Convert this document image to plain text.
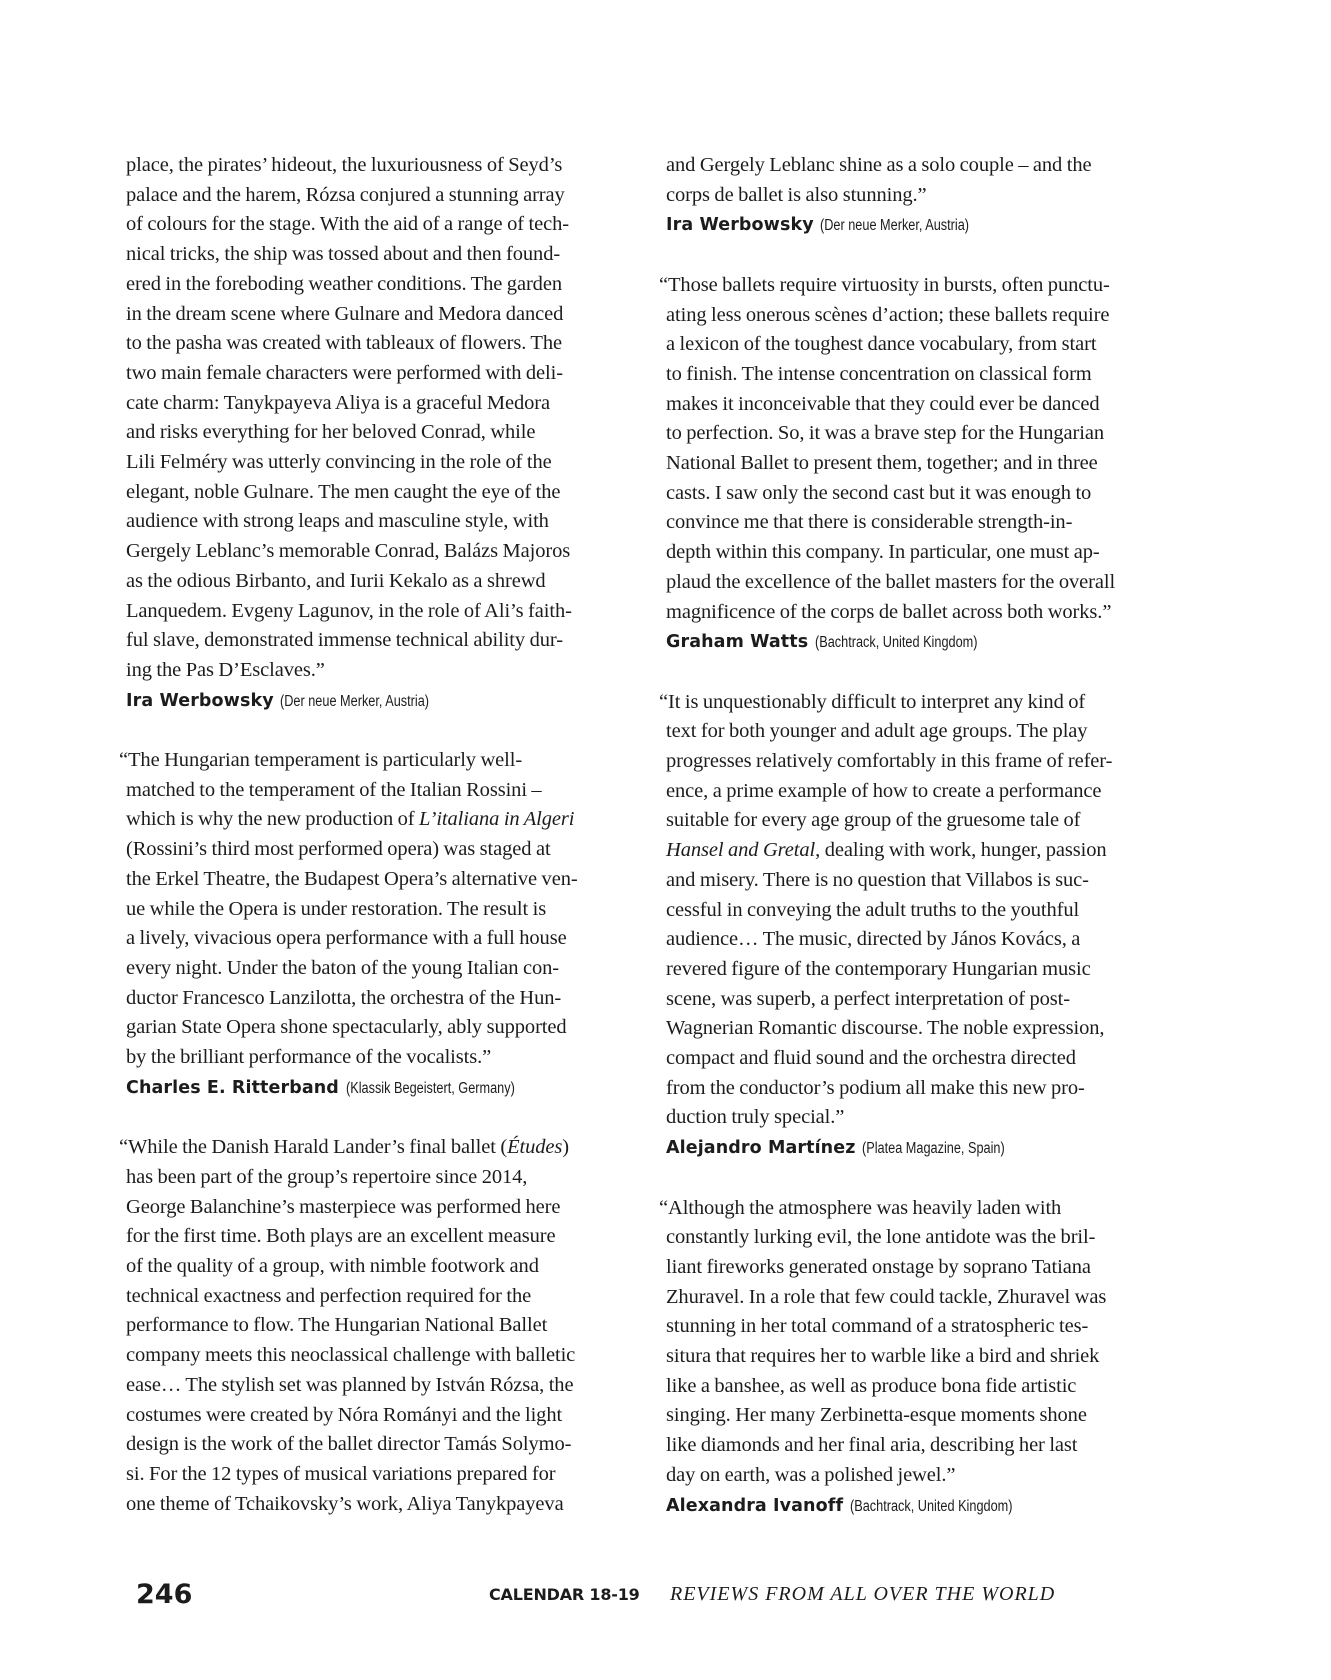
place, the pirates’ hideout, the luxuriousness of Seyd’s
palace and the harem, Rózsa conjured a stunning array
of colours for the stage. With the aid of a range of tech-
nical tricks, the ship was tossed about and then found-
ered in the foreboding weather conditions. The garden
in the dream scene where Gulnare and Medora danced
to the pasha was created with tableaux of flowers. The
two main female characters were performed with deli-
cate charm: Tanykpayeva Aliya is a graceful Medora
and risks everything for her beloved Conrad, while
Lili Felméry was utterly convincing in the role of the
elegant, noble Gulnare. The men caught the eye of the
audience with strong leaps and masculine style, with
Gergely Leblanc’s memorable Conrad, Balázs Majoros
as the odious Birbanto, and Iurii Kekalo as a shrewd
Lanquedem. Evgeny Lagunov, in the role of Ali’s faith-
ful slave, demonstrated immense technical ability dur-
ing the Pas D’Esclaves.”

Ira Werbowsky (Der neue Merker, Austria)

“The Hungarian temperament is particularly well-
matched to the temperament of the Italian Rossini –
which is why the new production of L’italiana in Algeri
(Rossini’s third most performed opera) was staged at
the Erkel Theatre, the Budapest Opera’s alternative ven-
ue while the Opera is under restoration. The result is
a lively, vivacious opera performance with a full house
every night. Under the baton of the young Italian con-
ductor Francesco Lanzilotta, the orchestra of the Hun-
garian State Opera shone spectacularly, ably supported
by the brilliant performance of the vocalists.”

Charles E. Ritterband (Klassik Begeistert, Germany)

“While the Danish Harald Lander’s final ballet (Études)
has been part of the group’s repertoire since 2014,
George Balanchine’s masterpiece was performed here
for the first time. Both plays are an excellent measure
of the quality of a group, with nimble footwork and
technical exactness and perfection required for the
performance to flow. The Hungarian National Ballet
company meets this neoclassical challenge with balletic
ease… The stylish set was planned by István Rózsa, the
costumes were created by Nóra Rományi and the light
design is the work of the ballet director Tamás Solymo-
si. For the 12 types of musical variations prepared for
one theme of Tchaikovsky’s work, Aliya Tanykpayeva

and Gergely Leblanc shine as a solo couple – and the
corps de ballet is also stunning.”

Ira Werbowsky (Der neue Merker, Austria)

“Those ballets require virtuosity in bursts, often punctu-
ating less onerous scènes d’action; these ballets require
a lexicon of the toughest dance vocabulary, from start
to finish. The intense concentration on classical form
makes it inconceivable that they could ever be danced
to perfection. So, it was a brave step for the Hungarian
National Ballet to present them, together; and in three
casts. I saw only the second cast but it was enough to
convince me that there is considerable strength-in-
depth within this company. In particular, one must ap-
plaud the excellence of the ballet masters for the overall
magnificence of the corps de ballet across both works.”

Graham Watts (Bachtrack, United Kingdom)

“It is unquestionably difficult to interpret any kind of
text for both younger and adult age groups. The play
progresses relatively comfortably in this frame of refer-
ence, a prime example of how to create a performance
suitable for every age group of the gruesome tale of
Hansel and Gretal, dealing with work, hunger, passion
and misery. There is no question that Villabos is suc-
cessful in conveying the adult truths to the youthful
audience… The music, directed by János Kovács, a
revered figure of the contemporary Hungarian music
scene, was superb, a perfect interpretation of post-
Wagnerian Romantic discourse. The noble expression,
compact and fluid sound and the orchestra directed
from the conductor’s podium all make this new pro-
duction truly special.”

Alejandro Martínez (Platea Magazine, Spain)

“Although the atmosphere was heavily laden with
constantly lurking evil, the lone antidote was the bril-
liant fireworks generated onstage by soprano Tatiana
Zhuravel. In a role that few could tackle, Zhuravel was
stunning in her total command of a stratospheric tes-
situra that requires her to warble like a bird and shriek
like a banshee, as well as produce bona fide artistic
singing. Her many Zerbinetta-esque moments shone
like diamonds and her final aria, describing her last
day on earth, was a polished jewel.”

Alexandra Ivanoff (Bachtrack, United Kingdom)

246	CALENDAR 18-19 REVIEWS FROM ALL OVER THE WORLD
